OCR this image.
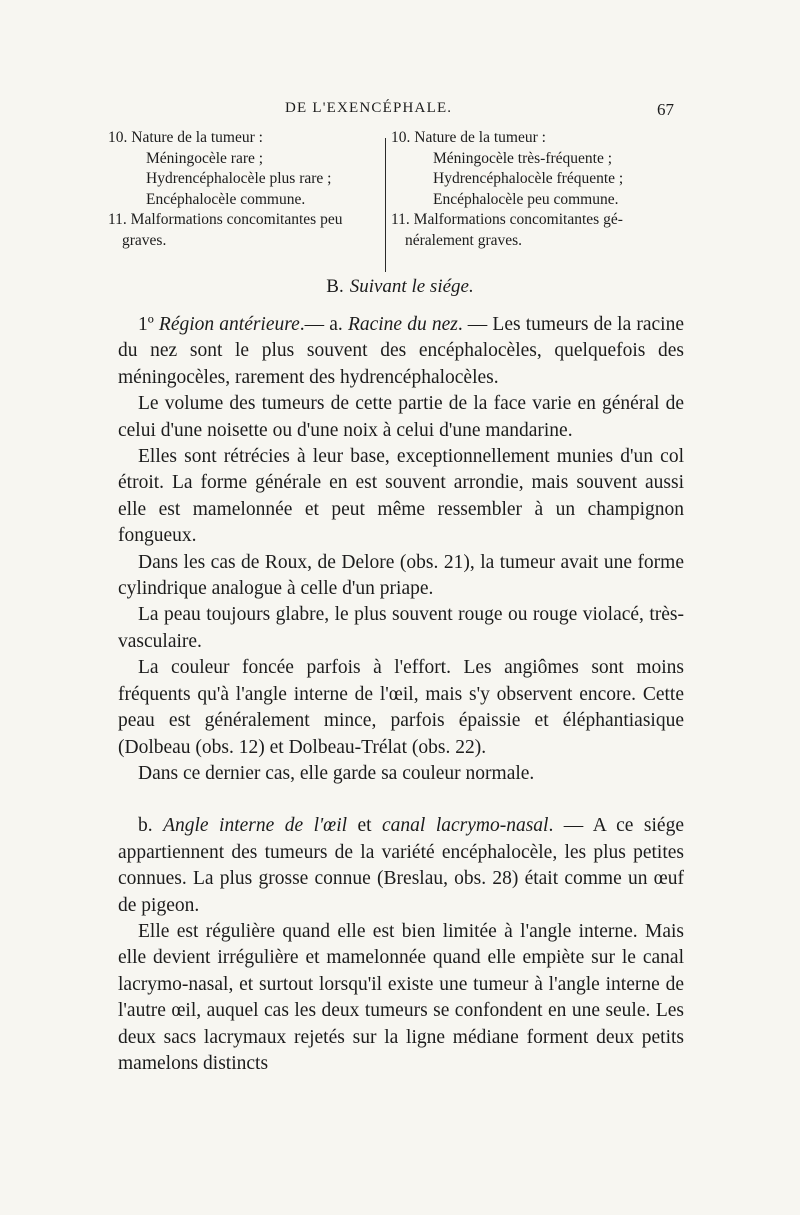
DE L'EXENCÉPHALE.	67
10. Nature de la tumeur :
Méningocèle rare ;
Hydrencéphalocèle plus rare ;
Encéphalocèle commune.
11. Malformations concomitantes peu
graves.
10. Nature de la tumeur :
Méningocèle très-fréquente ;
Hydrencéphalocèle fréquente ;
Encéphalocèle peu commune.
11. Malformations concomitantes gé-
néralement graves.
B. Suivant le siége.

1º Région antérieure.— a. Racine du nez. — Les tumeurs de la racine du nez sont le plus souvent des encéphalocèles, quelquefois des méningocèles, rarement des hydrencéphalocèles.

Le volume des tumeurs de cette partie de la face varie en général de celui d'une noisette ou d'une noix à celui d'une mandarine.

Elles sont rétrécies à leur base, exceptionnellement munies d'un col étroit. La forme générale en est souvent arrondie, mais souvent aussi elle est mamelonnée et peut même ressembler à un champignon fongueux.

Dans les cas de Roux, de Delore (obs. 21), la tumeur avait une forme cylindrique analogue à celle d'un priape.

La peau toujours glabre, le plus souvent rouge ou rouge violacé, très-vasculaire.

La couleur foncée parfois à l'effort. Les angiômes sont moins fréquents qu'à l'angle interne de l'œil, mais s'y observent encore. Cette peau est généralement mince, parfois épaissie et éléphantiasique (Dolbeau (obs. 12) et Dolbeau-Trélat (obs. 22).

Dans ce dernier cas, elle garde sa couleur normale.

b. Angle interne de l'œil et canal lacrymo-nasal. — A ce siége appartiennent des tumeurs de la variété encéphalocèle, les plus petites connues. La plus grosse connue (Breslau, obs. 28) était comme un œuf de pigeon.

Elle est régulière quand elle est bien limitée à l'angle interne. Mais elle devient irrégulière et mamelonnée quand elle empiète sur le canal lacrymo-nasal, et surtout lorsqu'il existe une tumeur à l'angle interne de l'autre œil, auquel cas les deux tumeurs se confondent en une seule. Les deux sacs lacrymaux rejetés sur la ligne médiane forment deux petits mamelons distincts
